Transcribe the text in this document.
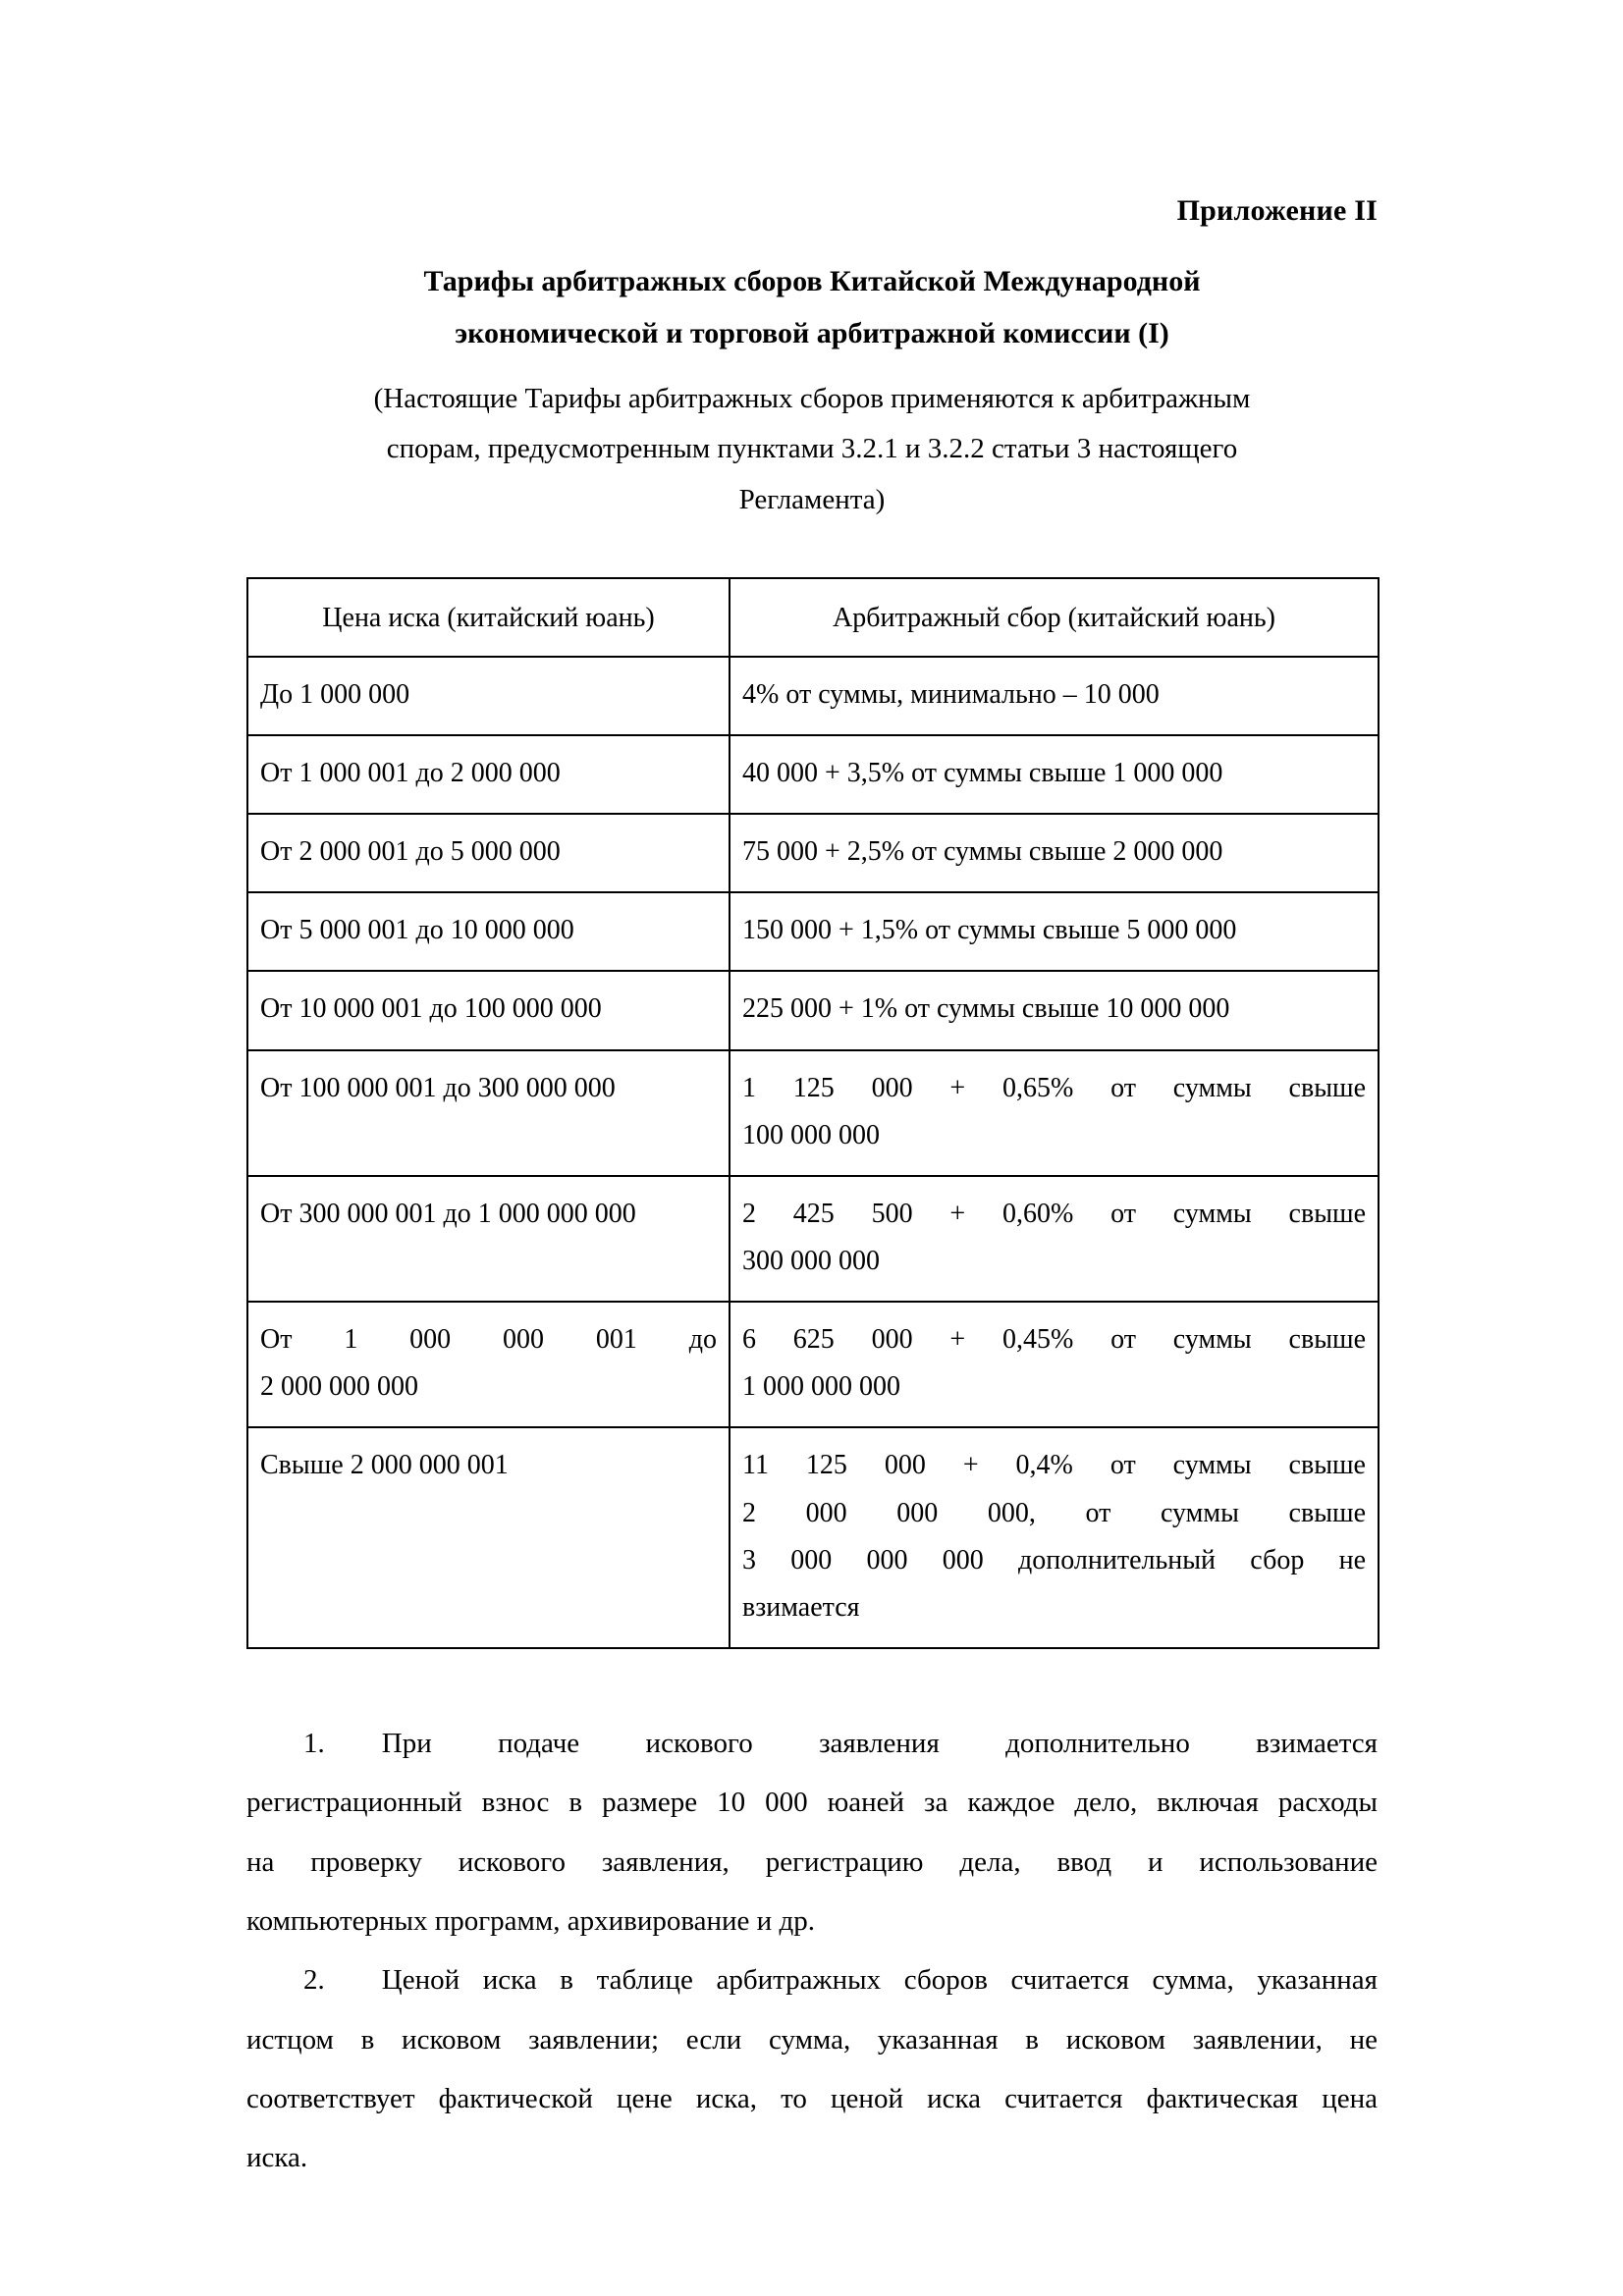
Приложение II
Тарифы арбитражных сборов Китайской Международной
экономической и торговой арбитражной комиссии (I)
(Настоящие Тарифы арбитражных сборов применяются к арбитражным
спорам, предусмотренным пунктами 3.2.1 и 3.2.2 статьи 3 настоящего
Регламента)
Цена иска (китайский юань)	Арбитражный сбор (китайский юань)
До 1 000 000	4% от суммы, минимально – 10 000
От 1 000 001 до 2 000 000	40 000 + 3,5% от суммы свыше 1 000 000
От 2 000 001 до 5 000 000	75 000 + 2,5% от суммы свыше 2 000 000
От 5 000 001 до 10 000 000	150 000 + 1,5% от суммы свыше 5 000 000
От 10 000 001 до 100 000 000	225 000 + 1% от суммы свыше 10 000 000
От 100 000 001 до 300 000 000	1 125 000 + 0,65% от суммы свыше
100 000 000

От 300 000 001 до 1 000 000 000	2 425 500 + 0,60% от суммы свыше
300 000 000

От 1 000 000 001 до
2 000 000 000	6 625 000 + 0,45% от суммы свыше
1 000 000 000

Свыше 2 000 000 001	11 125 000 + 0,4% от суммы свыше
2 000 000 000, от суммы свыше
3 000 000 000 дополнительный сбор не
взимается
1. При подаче искового заявления дополнительно взимается
регистрационный взнос в размере 10 000 юаней за каждое дело, включая расходы
на проверку искового заявления, регистрацию дела, ввод и использование
компьютерных программ, архивирование и др.
2. Ценой иска в таблице арбитражных сборов считается сумма, указанная
истцом в исковом заявлении; если сумма, указанная в исковом заявлении, не
соответствует фактической цене иска, то ценой иска считается фактическая цена
иска.
